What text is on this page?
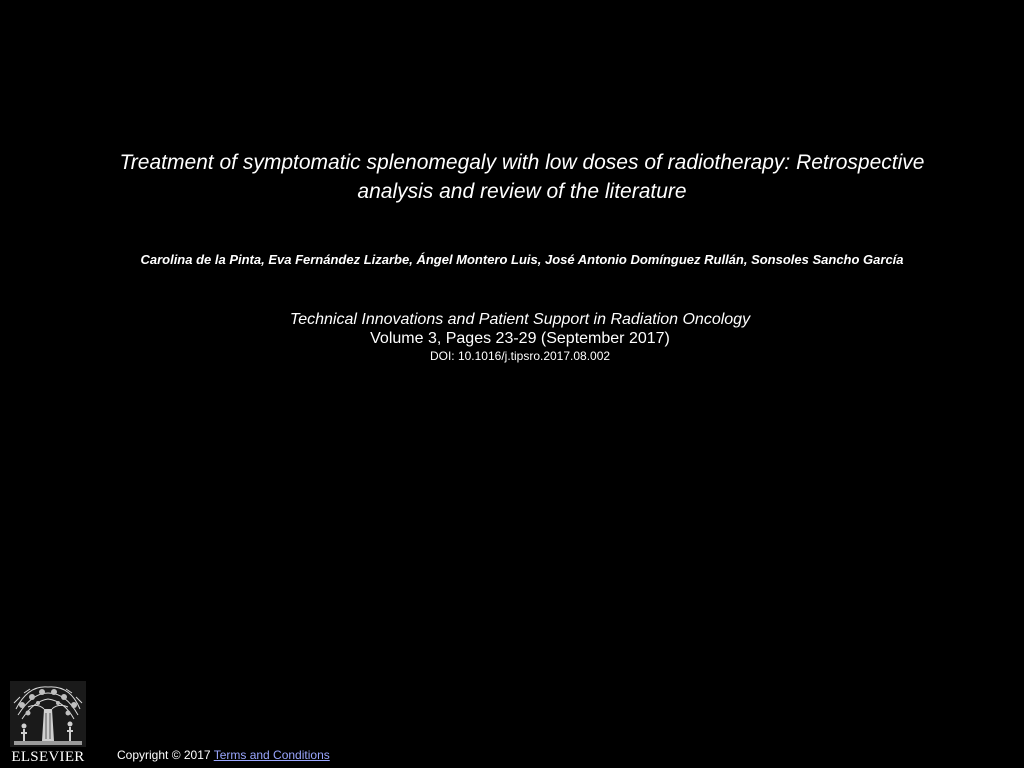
Treatment of symptomatic splenomegaly with low doses of radiotherapy: Retrospective
analysis and review of the literature

Carolina de la Pinta, Eva Fernández Lizarbe, Ángel Montero Luis, José Antonio Domínguez Rullán, Sonsoles Sancho García

Technical Innovations and Patient Support in Radiation Oncology
Volume 3, Pages 23-29 (September 2017)
DOI: 10.1016/j.tipsro.2017.08.002
ELSEVIER	Copyright © 2017 Terms and Conditions
